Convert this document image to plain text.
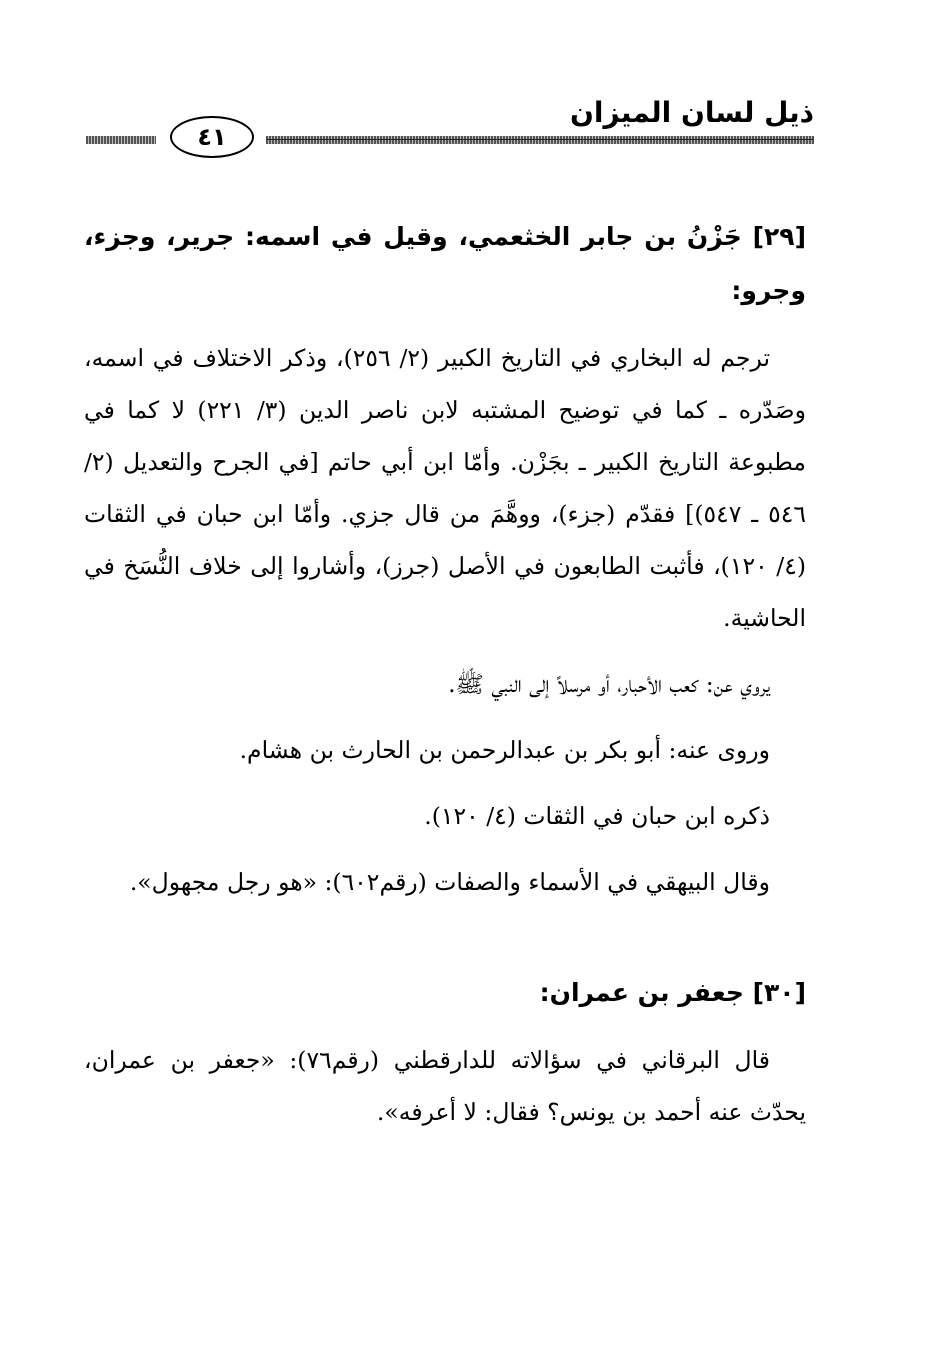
ذيل لسان الميزان
٤١

[٢٩] جَزْنُ بن جابر الخثعمي، وقيل في اسمه: جرير، وجزء، وجرو:

ترجم له البخاري في التاريخ الكبير (٢/ ٢٥٦)، وذكر الاختلاف في اسمه، وصَدّره ـ كما في توضيح المشتبه لابن ناصر الدين (٣/ ٢٢١) لا كما في مطبوعة التاريخ الكبير ـ بجَزْن. وأمّا ابن أبي حاتم [في الجرح والتعديل (٢/ ٥٤٦ ـ ٥٤٧)] فقدّم (جزء)، ووهَّمَ من قال جزي. وأمّا ابن حبان في الثقات (٤/ ١٢٠)، فأثبت الطابعون في الأصل (جرز)، وأشاروا إلى خلاف النُّسَخ في الحاشية.

يروي عن: كعب الأحبار، أو مرسلاً إلى النبي ﷺ.

وروى عنه: أبو بكر بن عبدالرحمن بن الحارث بن هشام.

ذكره ابن حبان في الثقات (٤/ ١٢٠).

وقال البيهقي في الأسماء والصفات (رقم٦٠٢): «هو رجل مجهول».

[٣٠] جعفر بن عمران:

قال البرقاني في سؤالاته للدارقطني (رقم٧٦): «جعفر بن عمران، يحدّث عنه أحمد بن يونس؟ فقال: لا أعرفه».
